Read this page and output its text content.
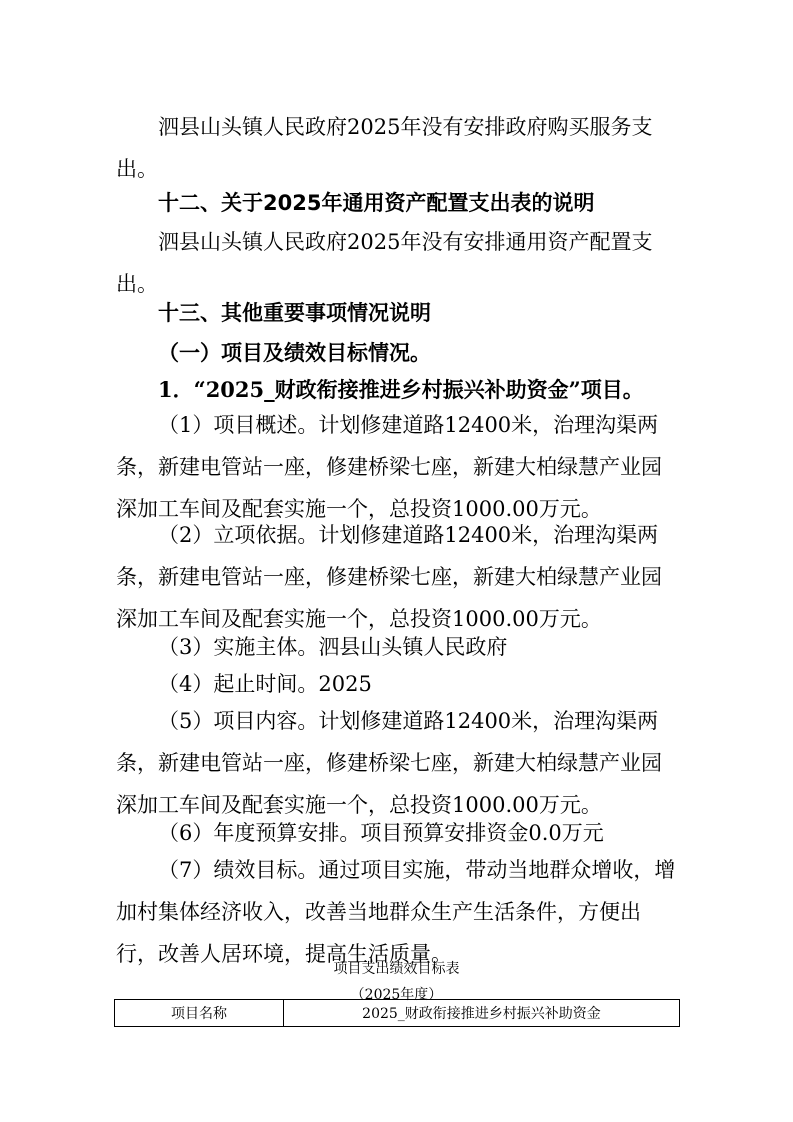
泗县山头镇人民政府2025年没有安排政府购买服务支出。

十二、关于2025年通用资产配置支出表的说明

泗县山头镇人民政府2025年没有安排通用资产配置支出。

十三、其他重要事项情况说明

（一）项目及绩效目标情况。

1．“2025_财政衔接推进乡村振兴补助资金”项目。

（1）项目概述。计划修建道路12400米，治理沟渠两条，新建电管站一座，修建桥梁七座，新建大柏绿慧产业园深加工车间及配套实施一个，总投资1000.00万元。

（2）立项依据。计划修建道路12400米，治理沟渠两条，新建电管站一座，修建桥梁七座，新建大柏绿慧产业园深加工车间及配套实施一个，总投资1000.00万元。

（3）实施主体。泗县山头镇人民政府

（4）起止时间。2025

（5）项目内容。计划修建道路12400米，治理沟渠两条，新建电管站一座，修建桥梁七座，新建大柏绿慧产业园深加工车间及配套实施一个，总投资1000.00万元。

（6）年度预算安排。项目预算安排资金0.0万元

（7）绩效目标。通过项目实施，带动当地群众增收，增加村集体经济收入，改善当地群众生产生活条件，方便出行，改善人居环境，提高生活质量。

项目支出绩效目标表

（2025年度）

项目名称	2025_财政衔接推进乡村振兴补助资金
